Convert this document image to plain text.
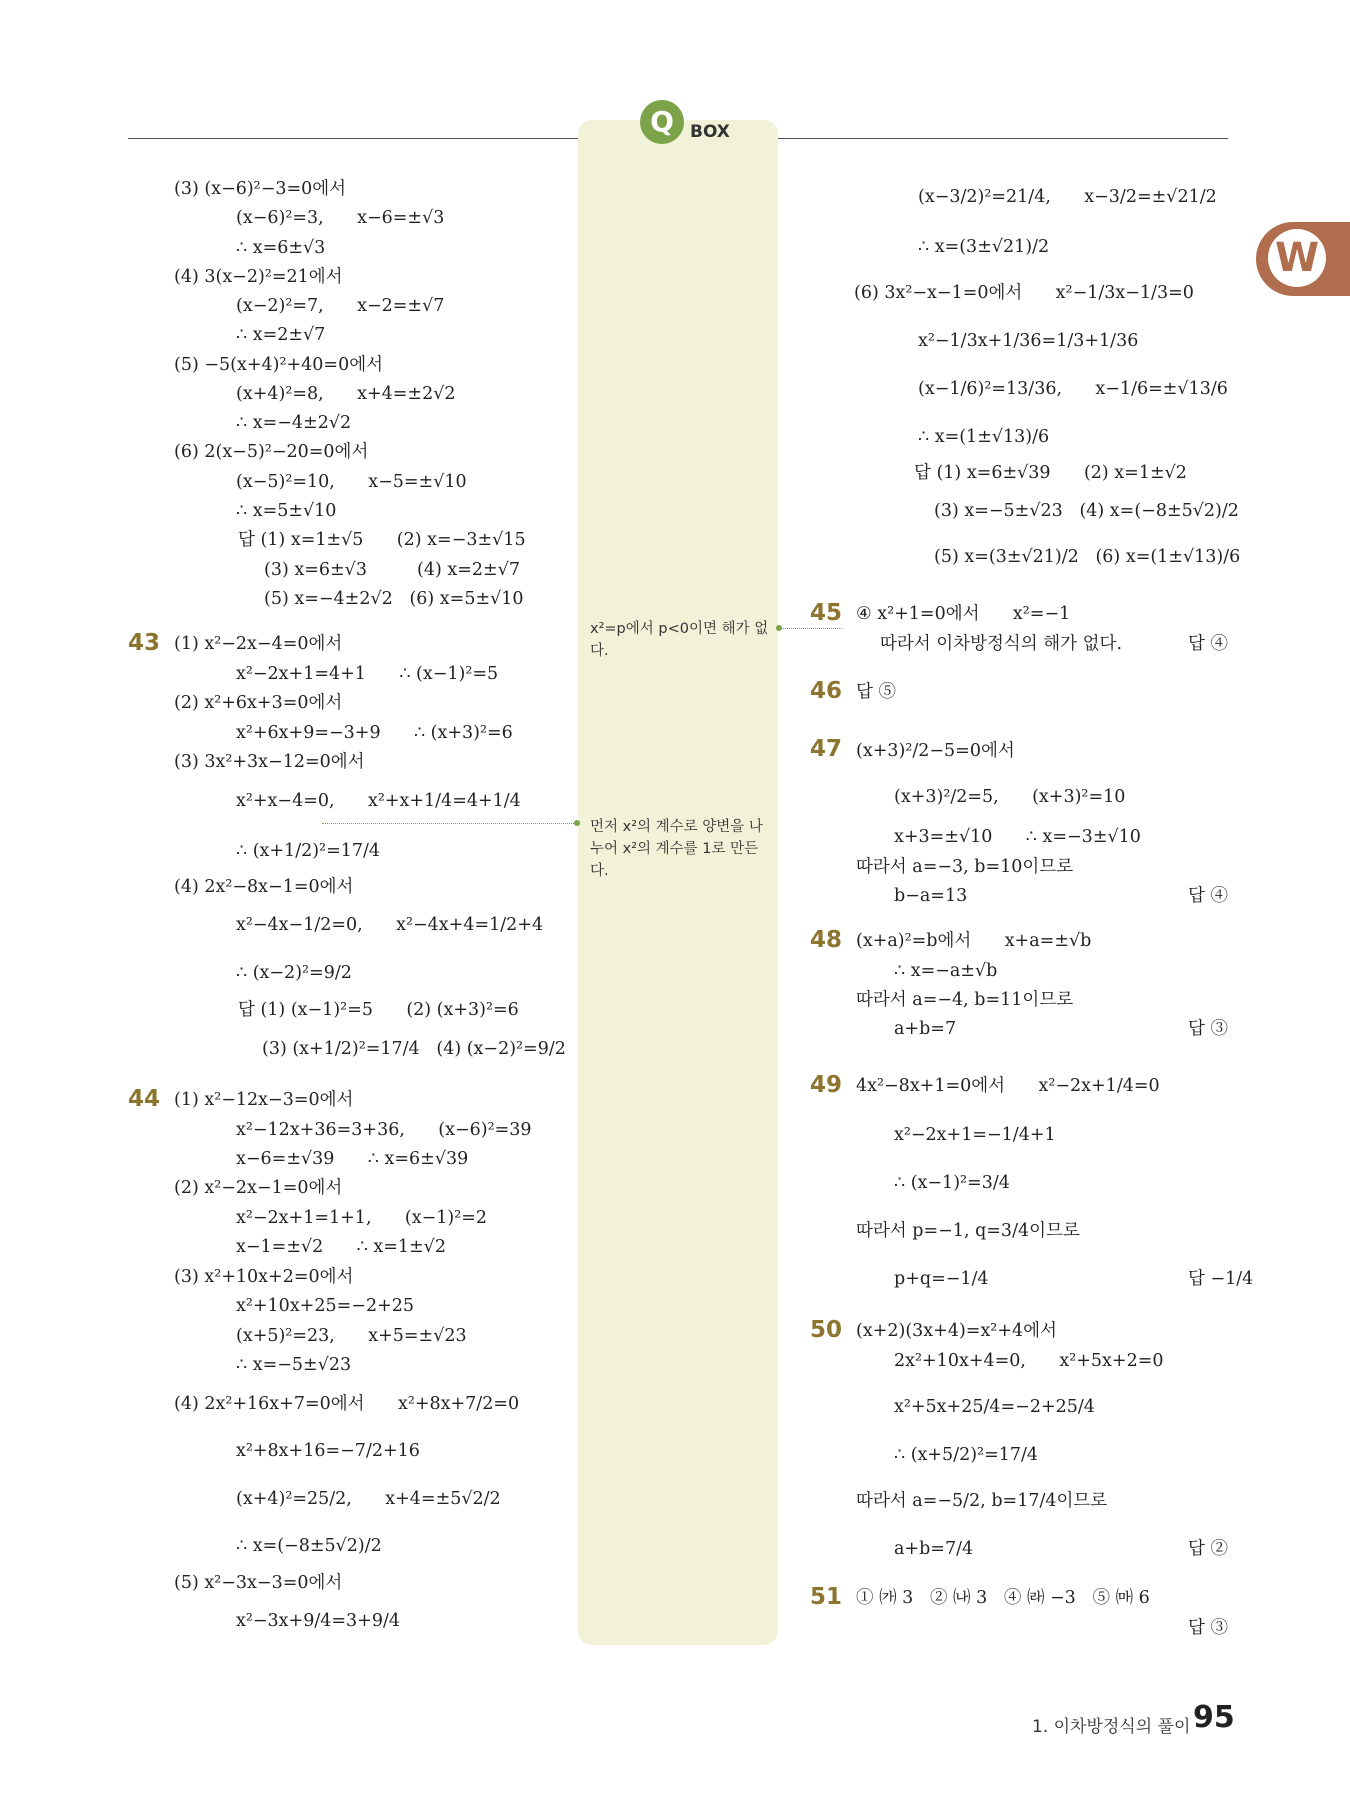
Q BOX
W
(3) (x−6)²−3=0에서
(x−6)²=3,      x−6=±√3
∴ x=6±√3
(4) 3(x−2)²=21에서
(x−2)²=7,      x−2=±√7
∴ x=2±√7
(5) −5(x+4)²+40=0에서
(x+4)²=8,      x+4=±2√2
∴ x=−4±2√2
(6) 2(x−5)²−20=0에서
(x−5)²=10,      x−5=±√10
∴ x=5±√10
답 (1) x=1±√5      (2) x=−3±√15
(3) x=6±√3         (4) x=2±√7
(5) x=−4±2√2   (6) x=5±√10
43 (1) x²−2x−4=0에서
x²−2x+1=4+1      ∴ (x−1)²=5
(2) x²+6x+3=0에서
x²+6x+9=−3+9      ∴ (x+3)²=6
(3) 3x²+3x−12=0에서
x²+x−4=0,      x²+x+1/4=4+1/4
∴ (x+1/2)²=17/4
(4) 2x²−8x−1=0에서
x²−4x−1/2=0,      x²−4x+4=1/2+4
∴ (x−2)²=9/2
답 (1) (x−1)²=5      (2) (x+3)²=6
(3) (x+1/2)²=17/4   (4) (x−2)²=9/2
44 (1) x²−12x−3=0에서
x²−12x+36=3+36,      (x−6)²=39
x−6=±√39      ∴ x=6±√39
(2) x²−2x−1=0에서
x²−2x+1=1+1,      (x−1)²=2
x−1=±√2      ∴ x=1±√2
(3) x²+10x+2=0에서
x²+10x+25=−2+25
(x+5)²=23,      x+5=±√23
∴ x=−5±√23
(4) 2x²+16x+7=0에서      x²+8x+7/2=0
x²+8x+16=−7/2+16
(x+4)²=25/2,      x+4=±5√2/2
∴ x=(−8±5√2)/2
(5) x²−3x−3=0에서
x²−3x+9/4=3+9/4
x²=p에서 p<0이면 해가 없다.
먼저 x²의 계수로 양변을 나누어 x²의 계수를 1로 만든다.
(x−3/2)²=21/4,      x−3/2=±√21/2
∴ x=(3±√21)/2
(6) 3x²−x−1=0에서      x²−1/3x−1/3=0
x²−1/3x+1/36=1/3+1/36
(x−1/6)²=13/36,      x−1/6=±√13/6
∴ x=(1±√13)/6
답 (1) x=6±√39      (2) x=1±√2
(3) x=−5±√23   (4) x=(−8±5√2)/2
(5) x=(3±√21)/2   (6) x=(1±√13)/6
45 ④ x²+1=0에서      x²=−1
따라서 이차방정식의 해가 없다.	답 ④
46 답 ⑤
47 (x+3)²/2−5=0에서
(x+3)²/2=5,      (x+3)²=10
x+3=±√10      ∴ x=−3±√10
따라서 a=−3, b=10이므로
b−a=13	답 ④
48 (x+a)²=b에서      x+a=±√b
∴ x=−a±√b
따라서 a=−4, b=11이므로
a+b=7	답 ③
49 4x²−8x+1=0에서      x²−2x+1/4=0
x²−2x+1=−1/4+1
∴ (x−1)²=3/4
따라서 p=−1, q=3/4이므로
p+q=−1/4	답 −1/4
50 (x+2)(3x+4)=x²+4에서
2x²+10x+4=0,      x²+5x+2=0
x²+5x+25/4=−2+25/4
∴ (x+5/2)²=17/4
따라서 a=−5/2, b=17/4이므로
a+b=7/4	답 ②
51 ① ㈎ 3   ② ㈏ 3   ④ ㈑ −3   ⑤ ㈒ 6
답 ③
1. 이차방정식의 풀이 95
